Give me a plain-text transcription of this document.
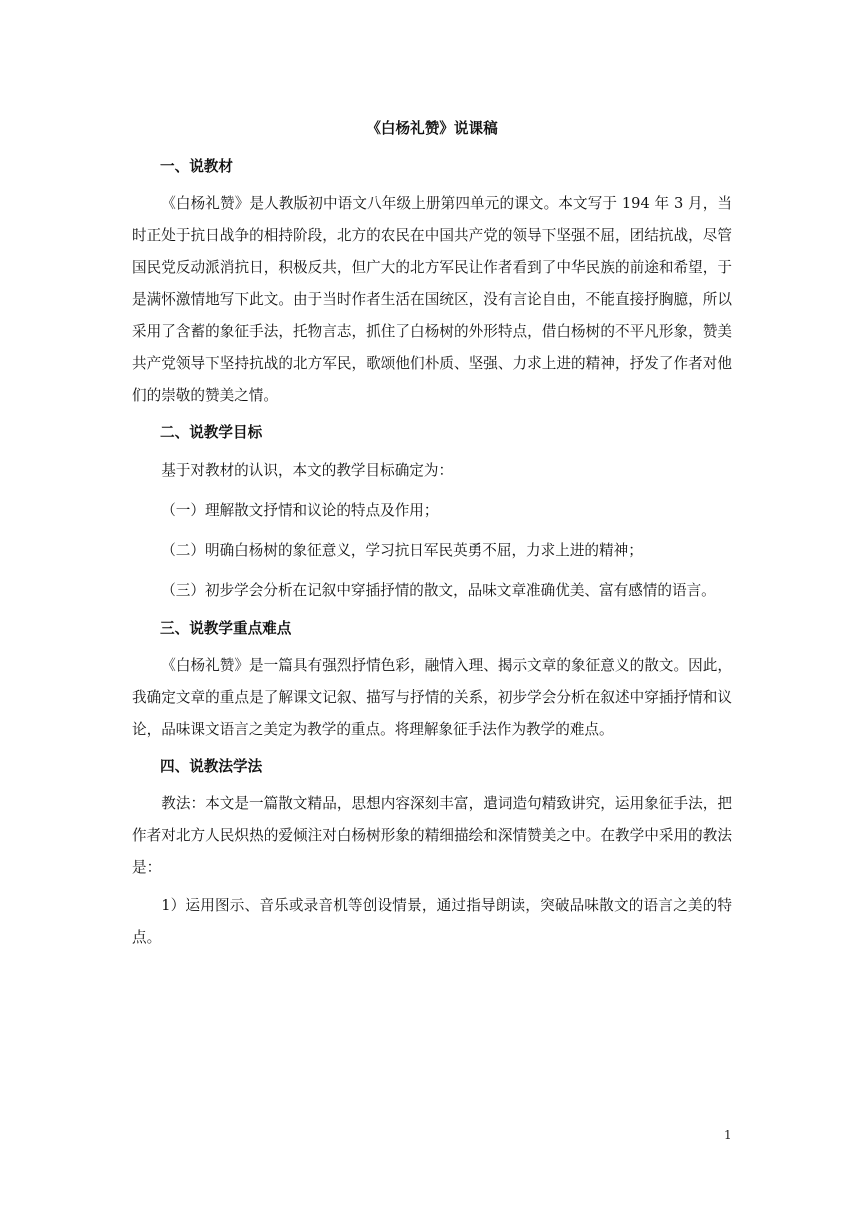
《白杨礼赞》说课稿
一、说教材

《白杨礼赞》是人教版初中语文八年级上册第四单元的课文。本文写于 194 年 3 月，当时正处于抗日战争的相持阶段，北方的农民在中国共产党的领导下坚强不屈，团结抗战，尽管国民党反动派消抗日，积极反共，但广大的北方军民让作者看到了中华民族的前途和希望，于是满怀激情地写下此文。由于当时作者生活在国统区，没有言论自由，不能直接抒胸臆，所以采用了含蓄的象征手法，托物言志，抓住了白杨树的外形特点，借白杨树的不平凡形象，赞美共产党领导下坚持抗战的北方军民，歌颂他们朴质、坚强、力求上进的精神，抒发了作者对他们的崇敬的赞美之情。

二、说教学目标

基于对教材的认识，本文的教学目标确定为：

（一）理解散文抒情和议论的特点及作用；

（二）明确白杨树的象征意义，学习抗日军民英勇不屈，力求上进的精神；

（三）初步学会分析在记叙中穿插抒情的散文，品味文章准确优美、富有感情的语言。

三、说教学重点难点

《白杨礼赞》是一篇具有强烈抒情色彩，融情入理、揭示文章的象征意义的散文。因此，我确定文章的重点是了解课文记叙、描写与抒情的关系，初步学会分析在叙述中穿插抒情和议论，品味课文语言之美定为教学的重点。将理解象征手法作为教学的难点。

四、说教法学法

教法：本文是一篇散文精品，思想内容深刻丰富，遣词造句精致讲究，运用象征手法，把作者对北方人民炽热的爱倾注对白杨树形象的精细描绘和深情赞美之中。在教学中采用的教法是：

1）运用图示、音乐或录音机等创设情景，通过指导朗读，突破品味散文的语言之美的特点。

1
